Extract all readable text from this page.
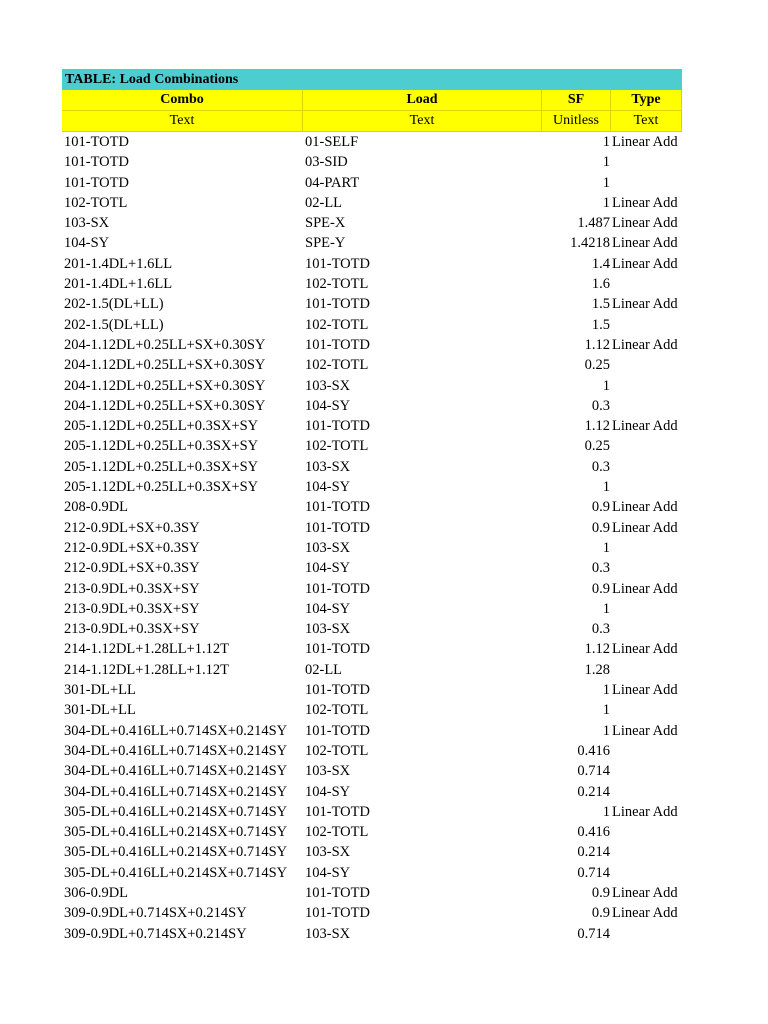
TABLE: Load Combinations
Combo	Load	SF	Type
Text	Text	Unitless	Text
101-TOTD	01-SELF	1 Linear Add
101-TOTD	03-SID	1
101-TOTD	04-PART	1
102-TOTL	02-LL	1 Linear Add
103-SX	SPE-X	1.487 Linear Add
104-SY	SPE-Y	1.4218 Linear Add
201-1.4DL+1.6LL	101-TOTD	1.4 Linear Add
201-1.4DL+1.6LL	102-TOTL	1.6
202-1.5(DL+LL)	101-TOTD	1.5 Linear Add
202-1.5(DL+LL)	102-TOTL	1.5
204-1.12DL+0.25LL+SX+0.30SY	101-TOTD	1.12 Linear Add
204-1.12DL+0.25LL+SX+0.30SY	102-TOTL	0.25
204-1.12DL+0.25LL+SX+0.30SY	103-SX	1
204-1.12DL+0.25LL+SX+0.30SY	104-SY	0.3
205-1.12DL+0.25LL+0.3SX+SY	101-TOTD	1.12 Linear Add
205-1.12DL+0.25LL+0.3SX+SY	102-TOTL	0.25
205-1.12DL+0.25LL+0.3SX+SY	103-SX	0.3
205-1.12DL+0.25LL+0.3SX+SY	104-SY	1
208-0.9DL	101-TOTD	0.9 Linear Add
212-0.9DL+SX+0.3SY	101-TOTD	0.9 Linear Add
212-0.9DL+SX+0.3SY	103-SX	1
212-0.9DL+SX+0.3SY	104-SY	0.3
213-0.9DL+0.3SX+SY	101-TOTD	0.9 Linear Add
213-0.9DL+0.3SX+SY	104-SY	1
213-0.9DL+0.3SX+SY	103-SX	0.3
214-1.12DL+1.28LL+1.12T	101-TOTD	1.12 Linear Add
214-1.12DL+1.28LL+1.12T	02-LL	1.28
301-DL+LL	101-TOTD	1 Linear Add
301-DL+LL	102-TOTL	1
304-DL+0.416LL+0.714SX+0.214SY	101-TOTD	1 Linear Add
304-DL+0.416LL+0.714SX+0.214SY	102-TOTL	0.416
304-DL+0.416LL+0.714SX+0.214SY	103-SX	0.714
304-DL+0.416LL+0.714SX+0.214SY	104-SY	0.214
305-DL+0.416LL+0.214SX+0.714SY	101-TOTD	1 Linear Add
305-DL+0.416LL+0.214SX+0.714SY	102-TOTL	0.416
305-DL+0.416LL+0.214SX+0.714SY	103-SX	0.214
305-DL+0.416LL+0.214SX+0.714SY	104-SY	0.714
306-0.9DL	101-TOTD	0.9 Linear Add
309-0.9DL+0.714SX+0.214SY	101-TOTD	0.9 Linear Add
309-0.9DL+0.714SX+0.214SY	103-SX	0.714
